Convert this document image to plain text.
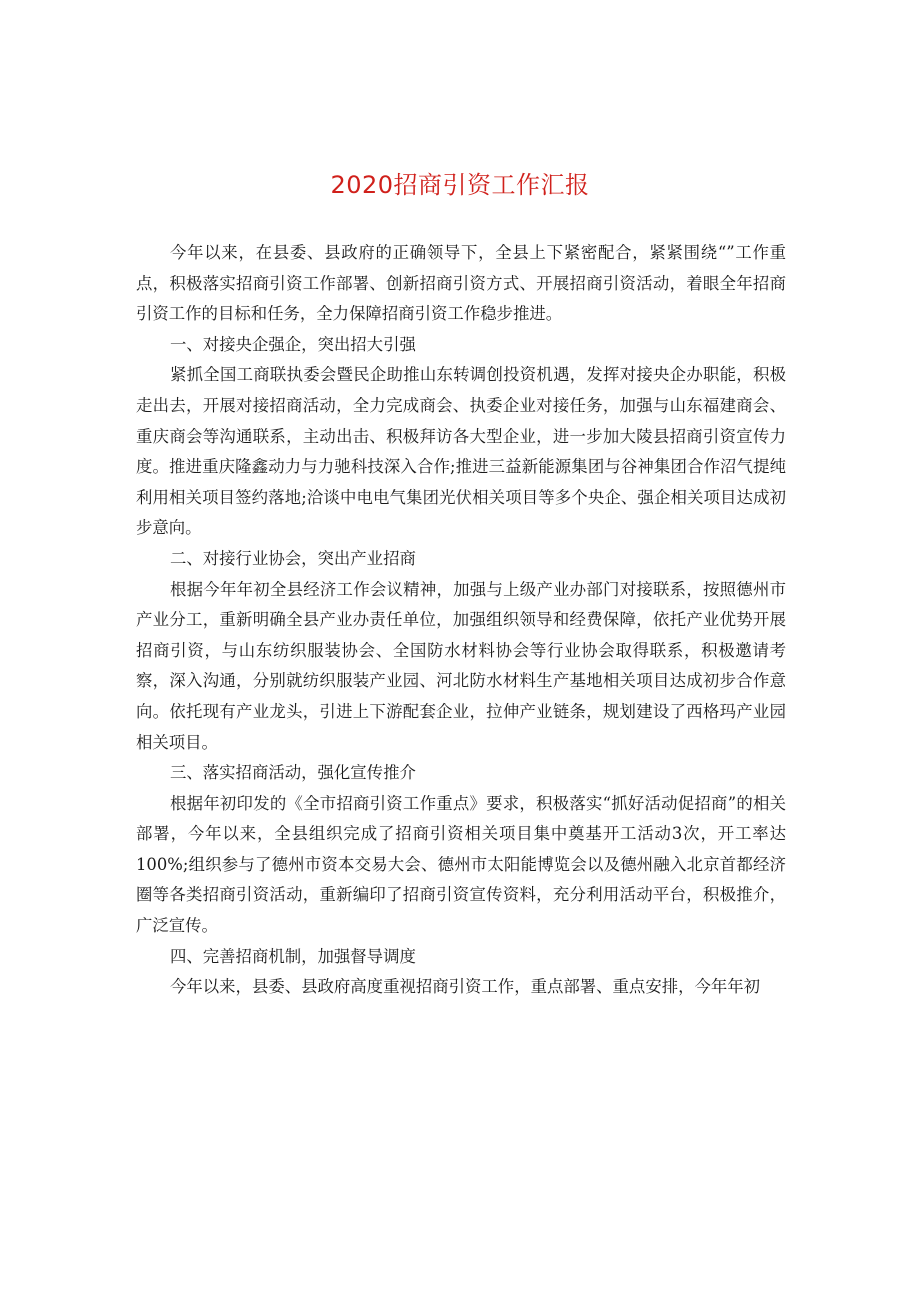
2020招商引资工作汇报

今年以来，在县委、县政府的正确领导下，全县上下紧密配合，紧紧围绕“”工作重点，积极落实招商引资工作部署、创新招商引资方式、开展招商引资活动，着眼全年招商引资工作的目标和任务，全力保障招商引资工作稳步推进。

一、对接央企强企，突出招大引强

紧抓全国工商联执委会暨民企助推山东转调创投资机遇，发挥对接央企办职能，积极走出去，开展对接招商活动，全力完成商会、执委企业对接任务，加强与山东福建商会、重庆商会等沟通联系，主动出击、积极拜访各大型企业，进一步加大陵县招商引资宣传力度。推进重庆隆鑫动力与力驰科技深入合作;推进三益新能源集团与谷神集团合作沼气提纯利用相关项目签约落地;洽谈中电电气集团光伏相关项目等多个央企、强企相关项目达成初步意向。

二、对接行业协会，突出产业招商

根据今年年初全县经济工作会议精神，加强与上级产业办部门对接联系，按照德州市产业分工，重新明确全县产业办责任单位，加强组织领导和经费保障，依托产业优势开展招商引资，与山东纺织服装协会、全国防水材料协会等行业协会取得联系，积极邀请考察，深入沟通，分别就纺织服装产业园、河北防水材料生产基地相关项目达成初步合作意向。依托现有产业龙头，引进上下游配套企业，拉伸产业链条，规划建设了西格玛产业园相关项目。

三、落实招商活动，强化宣传推介

根据年初印发的《全市招商引资工作重点》要求，积极落实“抓好活动促招商”的相关部署，今年以来，全县组织完成了招商引资相关项目集中奠基开工活动3次，开工率达100%;组织参与了德州市资本交易大会、德州市太阳能博览会以及德州融入北京首都经济圈等各类招商引资活动，重新编印了招商引资宣传资料，充分利用活动平台，积极推介，广泛宣传。

四、完善招商机制，加强督导调度

今年以来，县委、县政府高度重视招商引资工作，重点部署、重点安排，今年年初
